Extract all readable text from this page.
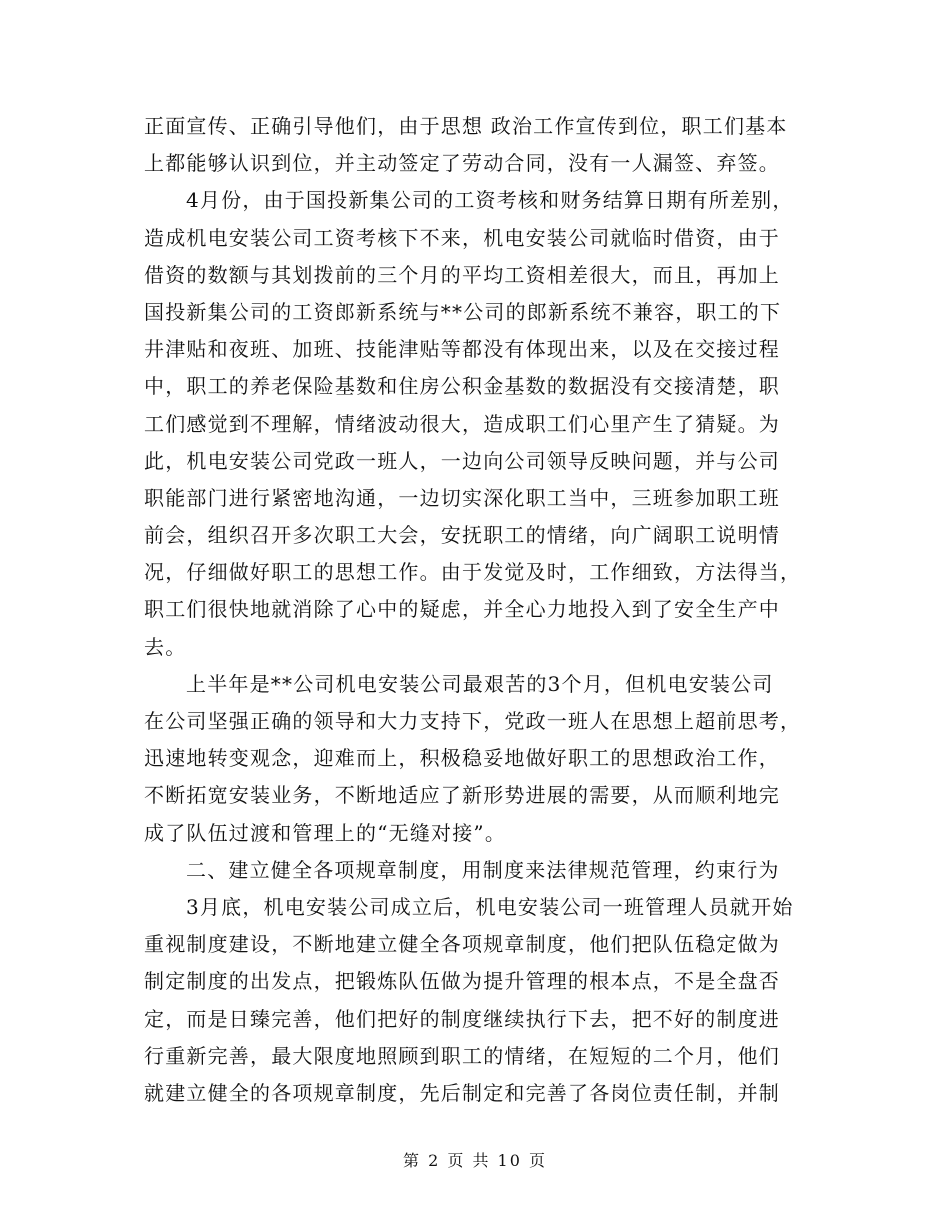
正面宣传、正确引导他们，由于思想 政治工作宣传到位，职工们基本
上都能够认识到位，并主动签定了劳动合同，没有一人漏签、弃签。
4月份，由于国投新集公司的工资考核和财务结算日期有所差别，
造成机电安装公司工资考核下不来，机电安装公司就临时借资，由于
借资的数额与其划拨前的三个月的平均工资相差很大，而且，再加上
国投新集公司的工资郎新系统与**公司的郎新系统不兼容，职工的下
井津贴和夜班、加班、技能津贴等都没有体现出来，以及在交接过程
中，职工的养老保险基数和住房公积金基数的数据没有交接清楚，职
工们感觉到不理解，情绪波动很大，造成职工们心里产生了猜疑。为
此，机电安装公司党政一班人，一边向公司领导反映问题，并与公司
职能部门进行紧密地沟通，一边切实深化职工当中，三班参加职工班
前会，组织召开多次职工大会，安抚职工的情绪，向广阔职工说明情
况，仔细做好职工的思想工作。由于发觉及时，工作细致，方法得当，
职工们很快地就消除了心中的疑虑，并全心力地投入到了安全生产中
去。
上半年是**公司机电安装公司最艰苦的3个月，但机电安装公司
在公司坚强正确的领导和大力支持下，党政一班人在思想上超前思考，
迅速地转变观念，迎难而上，积极稳妥地做好职工的思想政治工作，
不断拓宽安装业务，不断地适应了新形势进展的需要，从而顺利地完
成了队伍过渡和管理上的“无缝对接”。
二、建立健全各项规章制度，用制度来法律规范管理，约束行为
3月底，机电安装公司成立后，机电安装公司一班管理人员就开始
重视制度建设，不断地建立健全各项规章制度，他们把队伍稳定做为
制定制度的出发点，把锻炼队伍做为提升管理的根本点，不是全盘否
定，而是日臻完善，他们把好的制度继续执行下去，把不好的制度进
行重新完善，最大限度地照顾到职工的情绪，在短短的二个月，他们
就建立健全的各项规章制度，先后制定和完善了各岗位责任制，并制
第 2 页 共 10 页
